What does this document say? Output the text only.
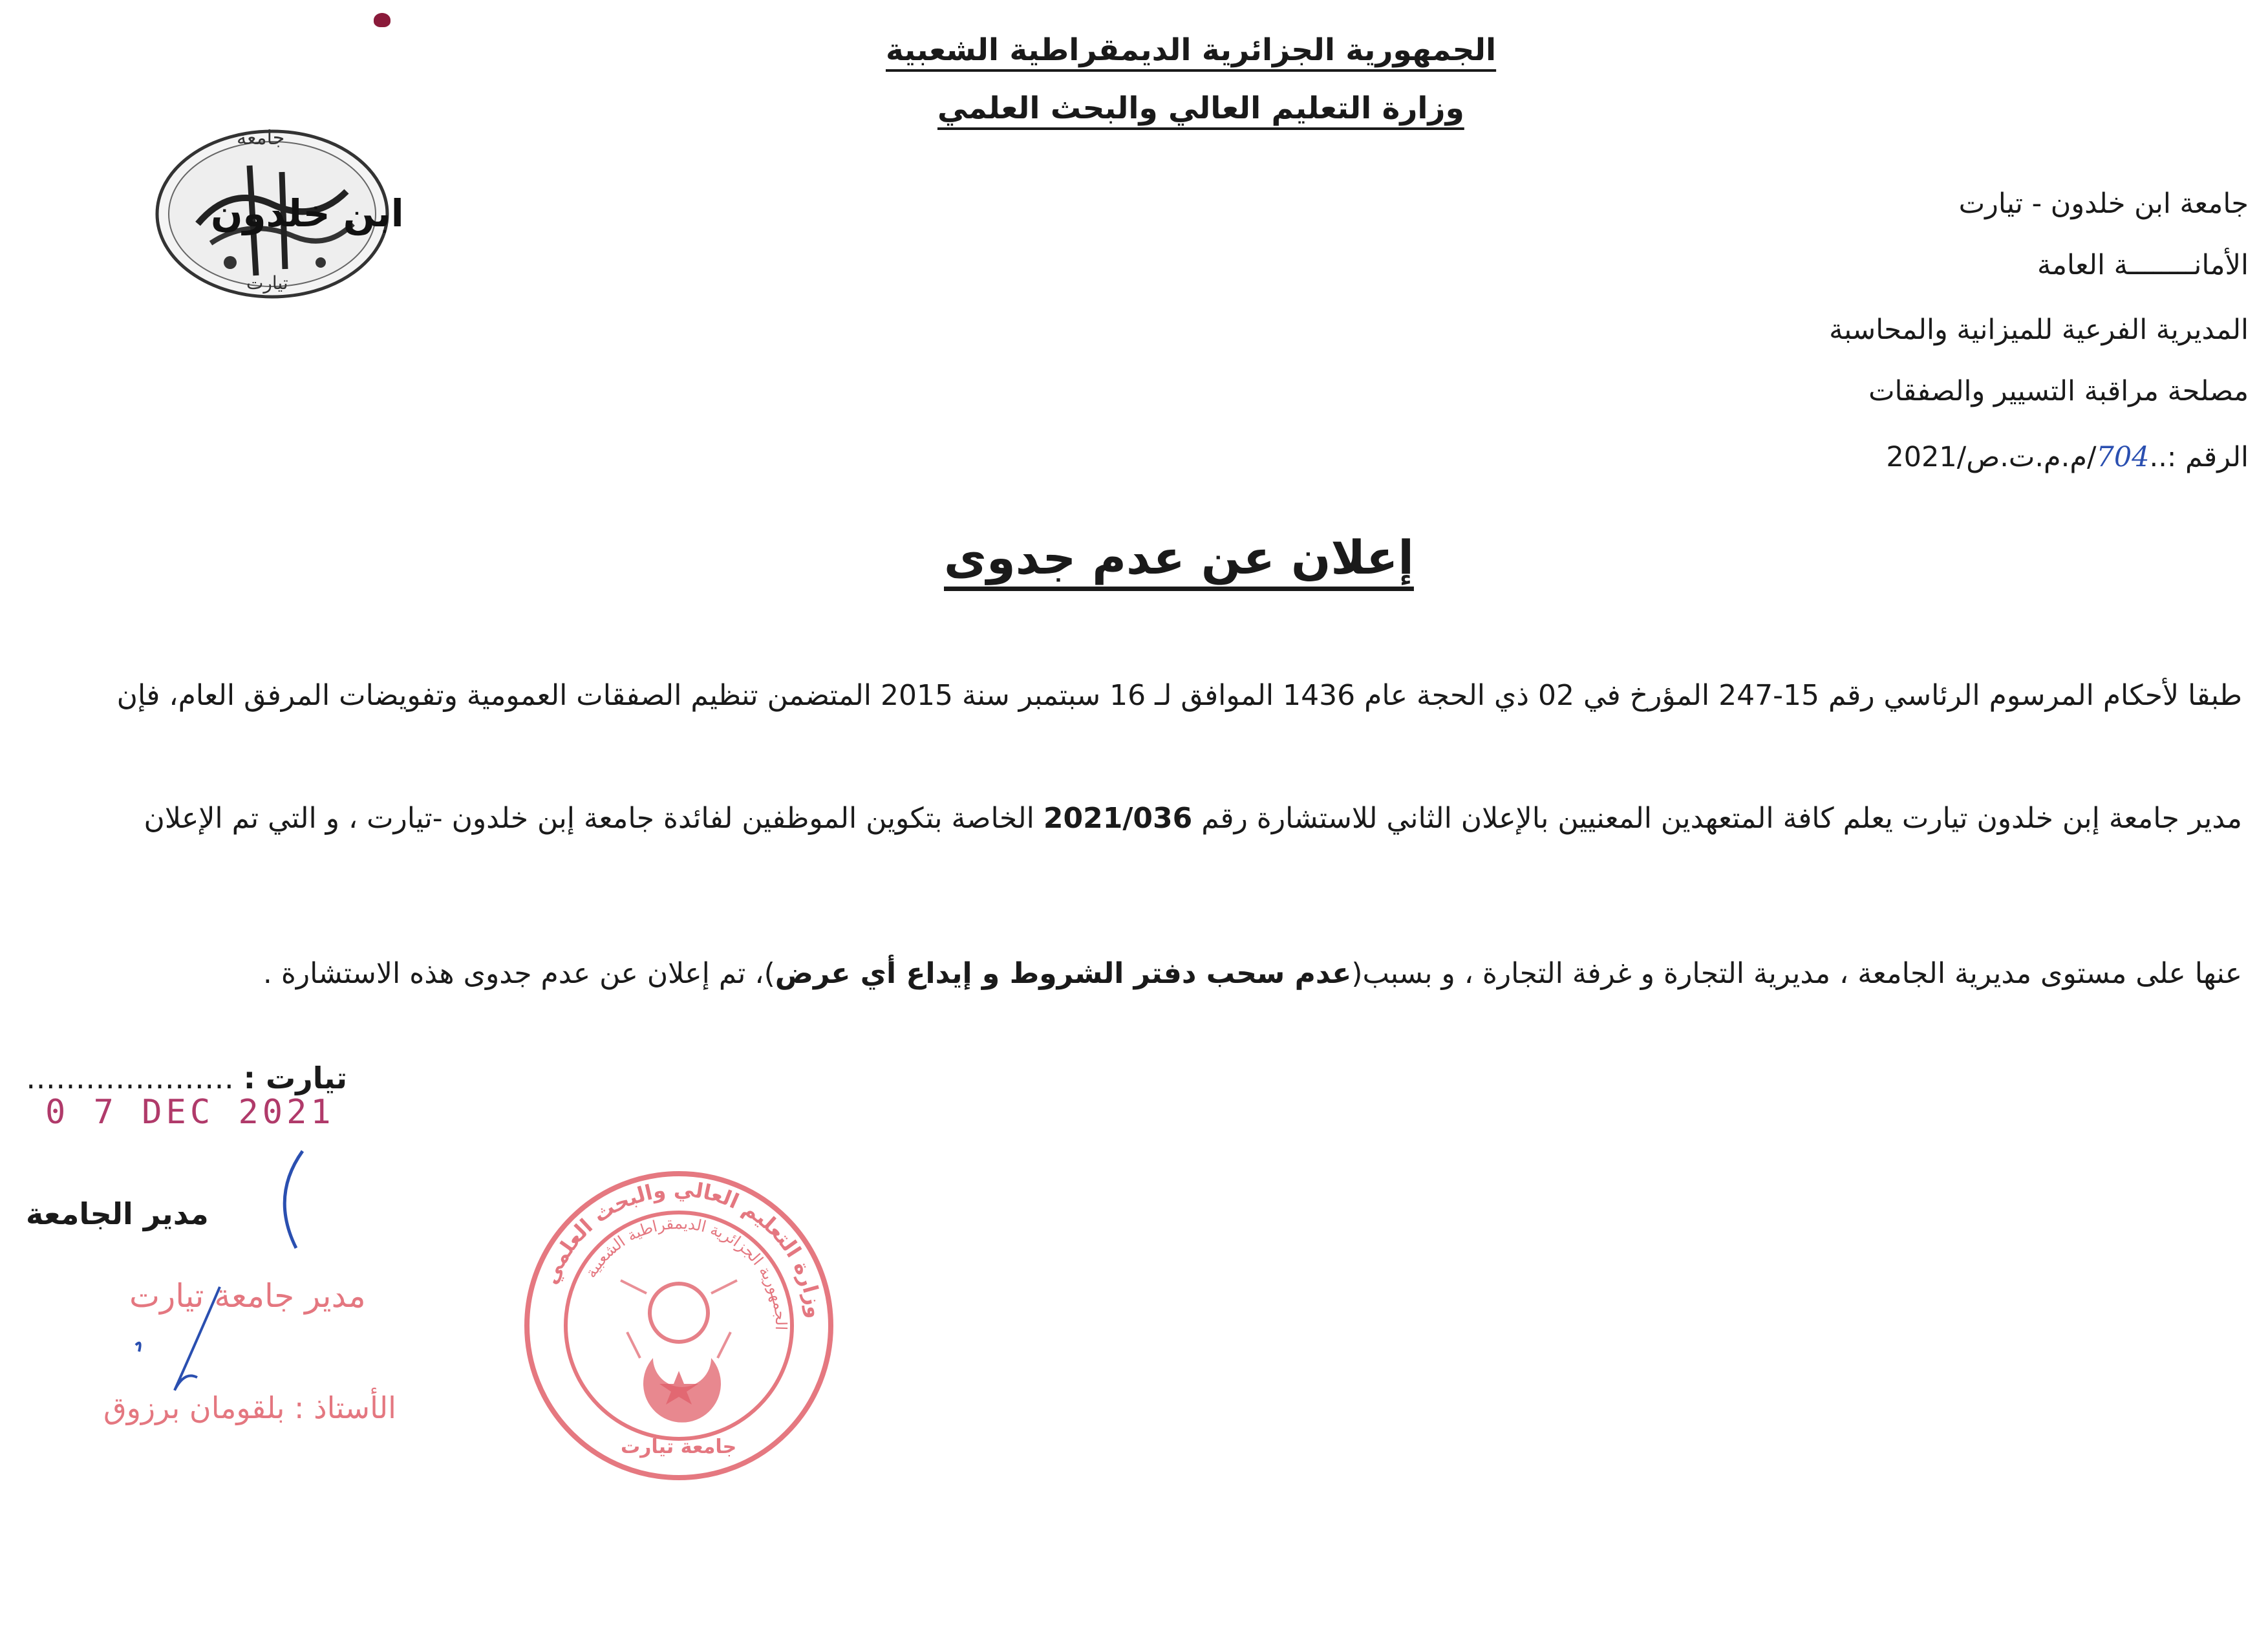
الجمهورية الجزائرية الديمقراطية الشعبية
وزارة التعليم العالي والبحث العلمي
جامعة
ابن خلدون
تيارت
جامعة ابن خلدون - تيارت
الأمانــــــــة العامة
المديرية الفرعية للميزانية والمحاسبة
مصلحة مراقبة التسيير والصفقات
الرقم :..704/م.م.ت.ص/2021
إعلان عن عدم جدوى
طبقا لأحكام المرسوم الرئاسي رقم 15-247 المؤرخ في 02 ذي الحجة عام 1436 الموافق لـ 16 سبتمبر سنة 2015 المتضمن تنظيم الصفقات العمومية وتفويضات المرفق العام، فإن
مدير جامعة إبن خلدون تيارت يعلم كافة المتعهدين المعنيين بالإعلان الثاني للاستشارة رقم 2021/036 الخاصة بتكوين الموظفين لفائدة جامعة إبن خلدون -تيارت ، و التي تم الإعلان
عنها على مستوى مديرية الجامعة ، مديرية التجارة و غرفة التجارة ، و بسبب(عدم سحب دفتر الشروط و إيداع أي عرض)، تم إعلان عن عدم جدوى هذه الاستشارة .
………………… تيارت :
0 7 DEC 2021
مدير الجامعة
مدير جامعة تيارت
الأستاذ : بلقومان برزوق
وزارة التعليم العالي والبحث العلمي
الجمهورية الجزائرية الديمقراطية الشعبية
جامعة تيارت
